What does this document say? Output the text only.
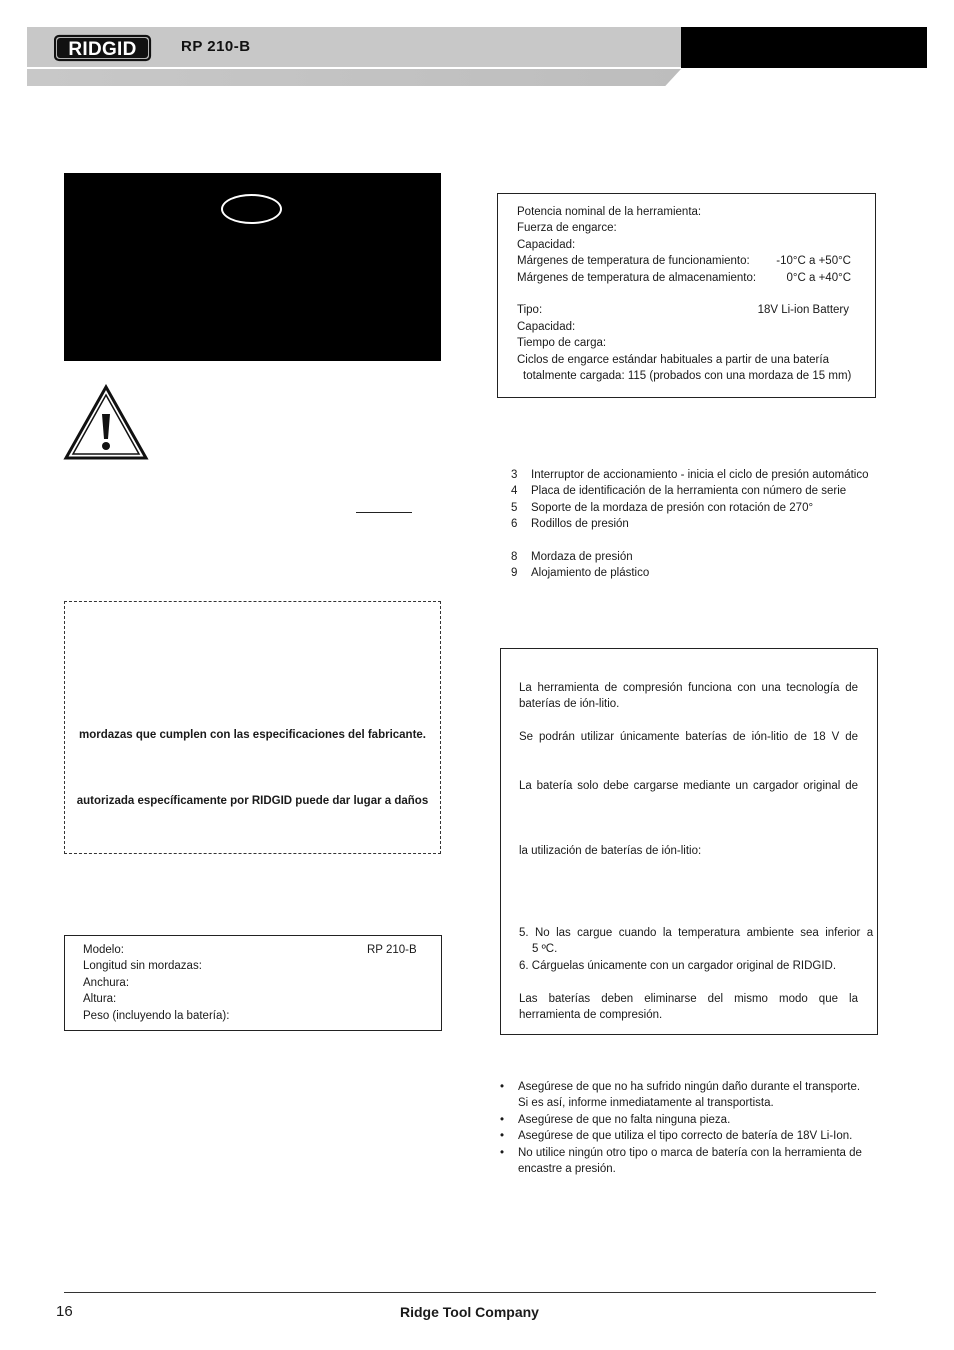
RIDGID	RP 210-B
mordazas que cumplen con las especificaciones del fabricante.
autorizada específicamente por RIDGID puede dar lugar a daños
Modelo:	RP 210-B
Longitud sin mordazas:
Anchura:
Altura:
Peso (incluyendo la batería):
Potencia nominal de la herramienta:
Fuerza de engarce:
Capacidad:
Márgenes de temperatura de funcionamiento: -10°C a +50°C
Márgenes de temperatura de almacenamiento:	0°C a +40°C
Tipo:	18V Li-ion Battery
Capacidad:
Tiempo de carga:
Ciclos de engarce estándar habituales a partir de una batería
totalmente cargada: 115 (probados con una mordaza de 15 mm)
3 Interruptor de accionamiento - inicia el ciclo de presión automático
4 Placa de identificación de la herramienta con número de serie
5 Soporte de la mordaza de presión con rotación de 270°
6 Rodillos de presión
8 Mordaza de presión
9 Alojamiento de plástico
La herramienta de compresión funciona con una tecnología de baterías de ión-litio.
Se podrán utilizar únicamente baterías de ión-litio de 18 V de
La batería solo debe cargarse mediante un cargador original de
la utilización de baterías de ión-litio:
5.  No  las  cargue  cuando  la  temperatura  ambiente  sea  inferior  a
5 ºC.
6. Cárguelas únicamente con un cargador original de RIDGID.
Las baterías deben eliminarse del mismo modo que la herramienta de compresión.
• Asegúrese de que no ha sufrido ningún daño durante el transporte.
Si es así, informe inmediatamente al transportista.
• Asegúrese de que no falta ninguna pieza.
• Asegúrese de que utiliza el tipo correcto de batería de 18V Li-Ion.
• No utilice ningún otro tipo o marca de batería con la herramienta de
encastre a presión.
16	Ridge Tool Company
